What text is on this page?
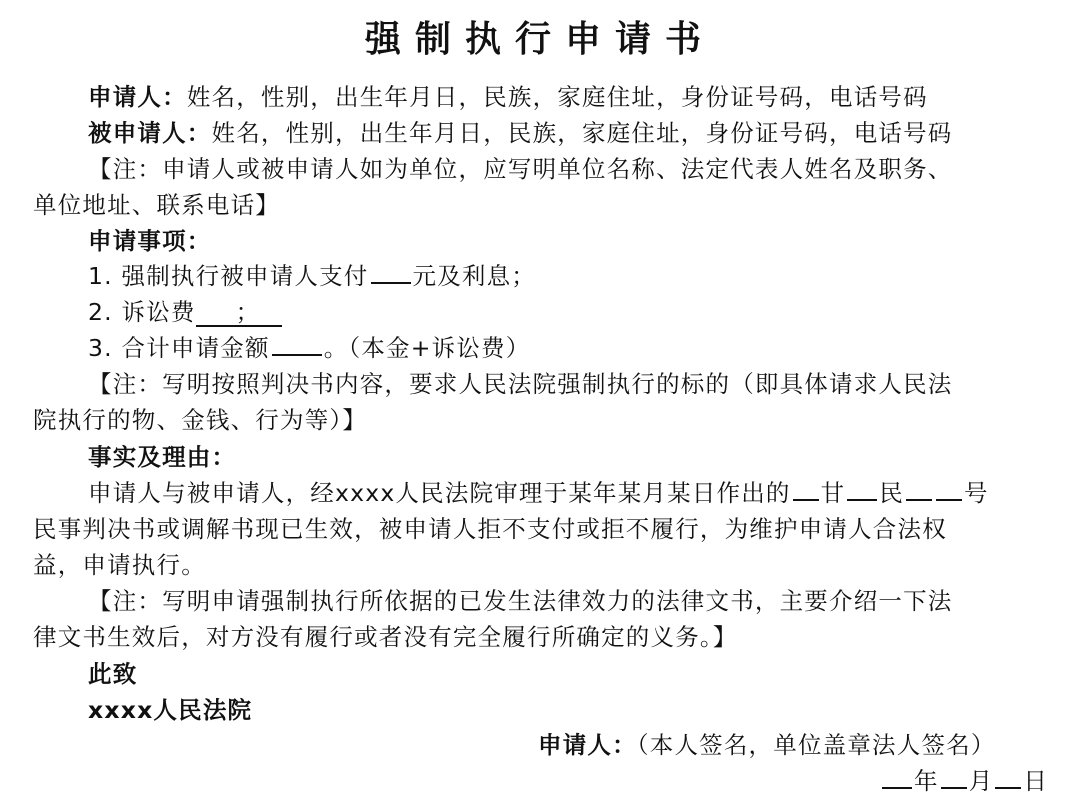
强制执行申请书
申请人：姓名，性别，出生年月日，民族，家庭住址，身份证号码，电话号码
被申请人：姓名，性别，出生年月日，民族，家庭住址，身份证号码，电话号码
【注：申请人或被申请人如为单位，应写明单位名称、法定代表人姓名及职务、
单位地址、联系电话】
申请事项：
1. 强制执行被申请人支付 元及利息；
2. 诉讼费 ；
3. 合计申请金额 。（本金+诉讼费）
【注：写明按照判决书内容，要求人民法院强制执行的标的（即具体请求人民法
院执行的物、金钱、行为等）】
事实及理由：
申请人与被申请人，经xxxx人民法院审理于某年某月某日作出的 甘 民	号
民事判决书或调解书现已生效，被申请人拒不支付或拒不履行，为维护申请人合法权
益，申请执行。
【注：写明申请强制执行所依据的已发生法律效力的法律文书，主要介绍一下法
律文书生效后，对方没有履行或者没有完全履行所确定的义务。】
此致
xxxx人民法院
申请人：（本人签名，单位盖章法人签名）
年 月 日
